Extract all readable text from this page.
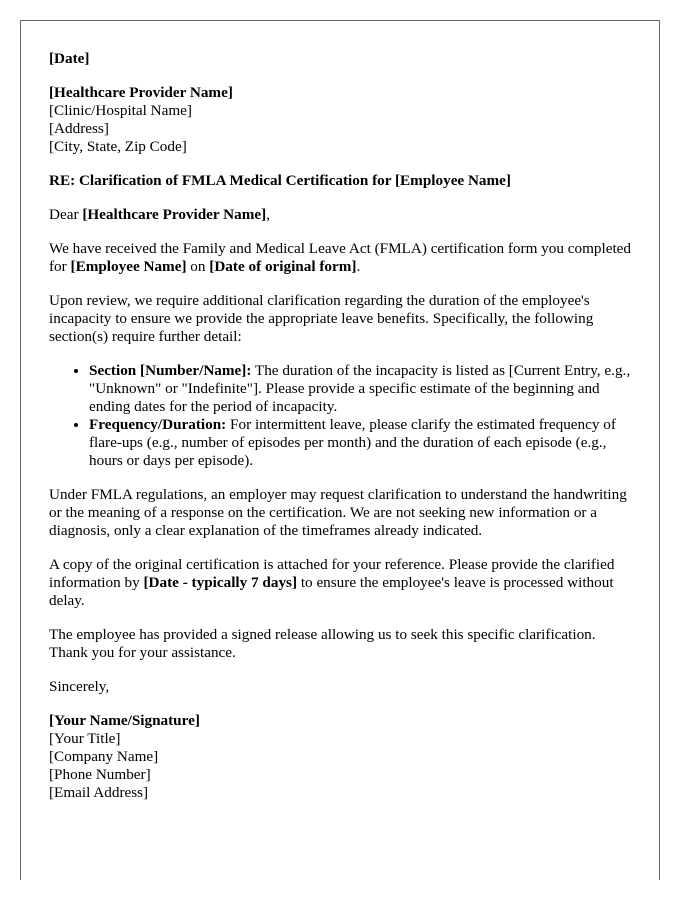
[Date]
[Healthcare Provider Name]
[Clinic/Hospital Name]
[Address]
[City, State, Zip Code]

RE: Clarification of FMLA Medical Certification for [Employee Name]

Dear [Healthcare Provider Name],

We have received the Family and Medical Leave Act (FMLA) certification form you completed for [Employee Name] on [Date of original form].

Upon review, we require additional clarification regarding the duration of the employee's incapacity to ensure we provide the appropriate leave benefits. Specifically, the following section(s) require further detail:

• Section [Number/Name]: The duration of the incapacity is listed as [Current Entry, e.g., "Unknown" or "Indefinite"]. Please provide a specific estimate of the beginning and ending dates for the period of incapacity.
• Frequency/Duration: For intermittent leave, please clarify the estimated frequency of flare-ups (e.g., number of episodes per month) and the duration of each episode (e.g., hours or days per episode).

Under FMLA regulations, an employer may request clarification to understand the handwriting or the meaning of a response on the certification. We are not seeking new information or a diagnosis, only a clear explanation of the timeframes already indicated.

A copy of the original certification is attached for your reference. Please provide the clarified information by [Date - typically 7 days] to ensure the employee's leave is processed without delay.

The employee has provided a signed release allowing us to seek this specific clarification. Thank you for your assistance.

Sincerely,

[Your Name/Signature]
[Your Title]
[Company Name]
[Phone Number]
[Email Address]
